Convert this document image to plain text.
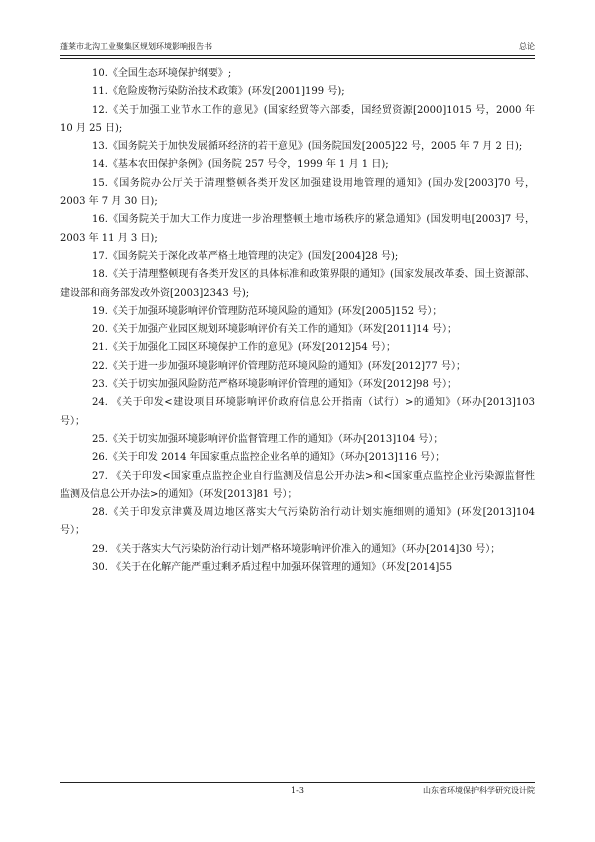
蓬莱市北沟工业聚集区规划环境影响报告书	总论
10.《全国生态环境保护纲要》;
11.《危险废物污染防治技术政策》(环发[2001]199 号);
12.《关于加强工业节水工作的意见》(国家经贸等六部委，国经贸资源[2000]1015 号，2000 年 10 月 25 日);
13.《国务院关于加快发展循环经济的若干意见》(国务院国发[2005]22 号，2005 年 7 月 2 日);
14.《基本农田保护条例》(国务院 257 号令，1999 年 1 月 1 日);
15.《国务院办公厅关于清理整顿各类开发区加强建设用地管理的通知》(国办发[2003]70 号，2003 年 7 月 30 日);
16.《国务院关于加大工作力度进一步治理整顿土地市场秩序的紧急通知》(国发明电[2003]7 号，2003 年 11 月 3 日);
17.《国务院关于深化改革严格土地管理的决定》(国发[2004]28 号);
18.《关于清理整顿现有各类开发区的具体标准和政策界限的通知》(国家发展改革委、国土资源部、建设部和商务部发改外资[2003]2343 号);
19.《关于加强环境影响评价管理防范环境风险的通知》(环发[2005]152 号）；
20.《关于加强产业园区规划环境影响评价有关工作的通知》（环发[2011]14 号）；
21.《关于加强化工园区环境保护工作的意见》(环发[2012]54 号）；
22.《关于进一步加强环境影响评价管理防范环境风险的通知》(环发[2012]77 号）；
23.《关于切实加强风险防范严格环境影响评价管理的通知》（环发[2012]98 号）；
24. 《关于印发<建设项目环境影响评价政府信息公开指南（试行）>的通知》（环办[2013]103 号）；
25.《关于切实加强环境影响评价监督管理工作的通知》（环办[2013]104 号）；
26.《关于印发 2014 年国家重点监控企业名单的通知》（环办[2013]116 号）；
27. 《关于印发<国家重点监控企业自行监测及信息公开办法>和<国家重点监控企业污染源监督性监测及信息公开办法>的通知》（环发[2013]81 号）；
28.《关于印发京津冀及周边地区落实大气污染防治行动计划实施细则的通知》(环发[2013]104 号）；
29. 《关于落实大气污染防治行动计划严格环境影响评价准入的通知》（环办[2014]30 号）；
30. 《关于在化解产能严重过剩矛盾过程中加强环保管理的通知》（环发[2014]55
1-3	山东省环境保护科学研究设计院
